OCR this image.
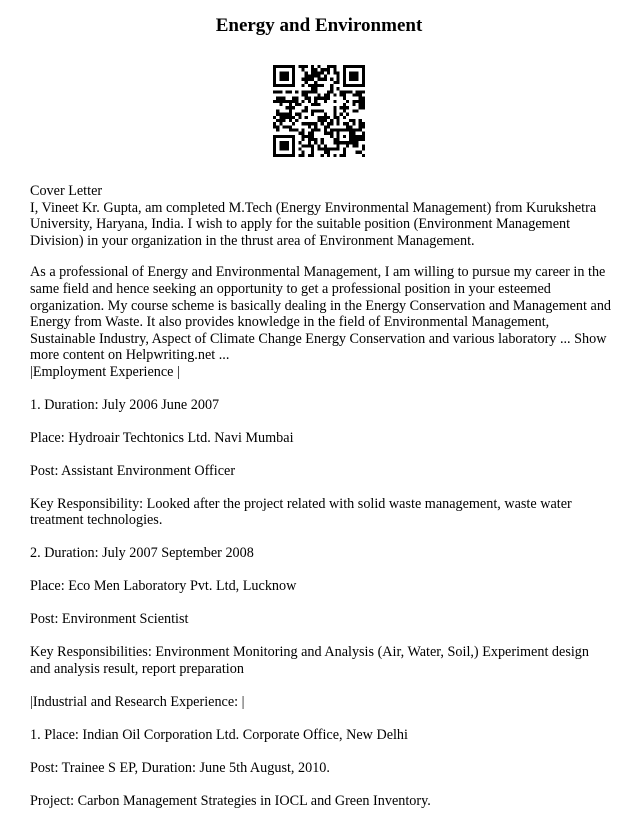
Energy and Environment

Cover Letter

I, Vineet Kr. Gupta, am completed M.Tech (Energy Environmental Management) from Kurukshetra University, Haryana, India. I wish to apply for the suitable position (Environment Management Division) in your organization in the thrust area of Environment Management.

As a professional of Energy and Environmental Management, I am willing to pursue my career in the same field and hence seeking an opportunity to get a professional position in your esteemed organization. My course scheme is basically dealing in the Energy Conservation and Management and Energy from Waste. It also provides knowledge in the field of Environmental Management, Sustainable Industry, Aspect of Climate Change Energy Conservation and various laboratory ... Show more content on Helpwriting.net ...

|Employment Experience |

1. Duration: July 2006 June 2007

Place: Hydroair Techtonics Ltd. Navi Mumbai

Post: Assistant Environment Officer

Key Responsibility: Looked after the project related with solid waste management, waste water treatment technologies.

2. Duration: July 2007 September 2008

Place: Eco Men Laboratory Pvt. Ltd, Lucknow

Post: Environment Scientist

Key Responsibilities: Environment Monitoring and Analysis (Air, Water, Soil,) Experiment design and analysis result, report preparation

|Industrial and Research Experience: |

1. Place: Indian Oil Corporation Ltd. Corporate Office, New Delhi

Post: Trainee S EP, Duration: June 5th August, 2010.

Project: Carbon Management Strategies in IOCL and Green Inventory.
